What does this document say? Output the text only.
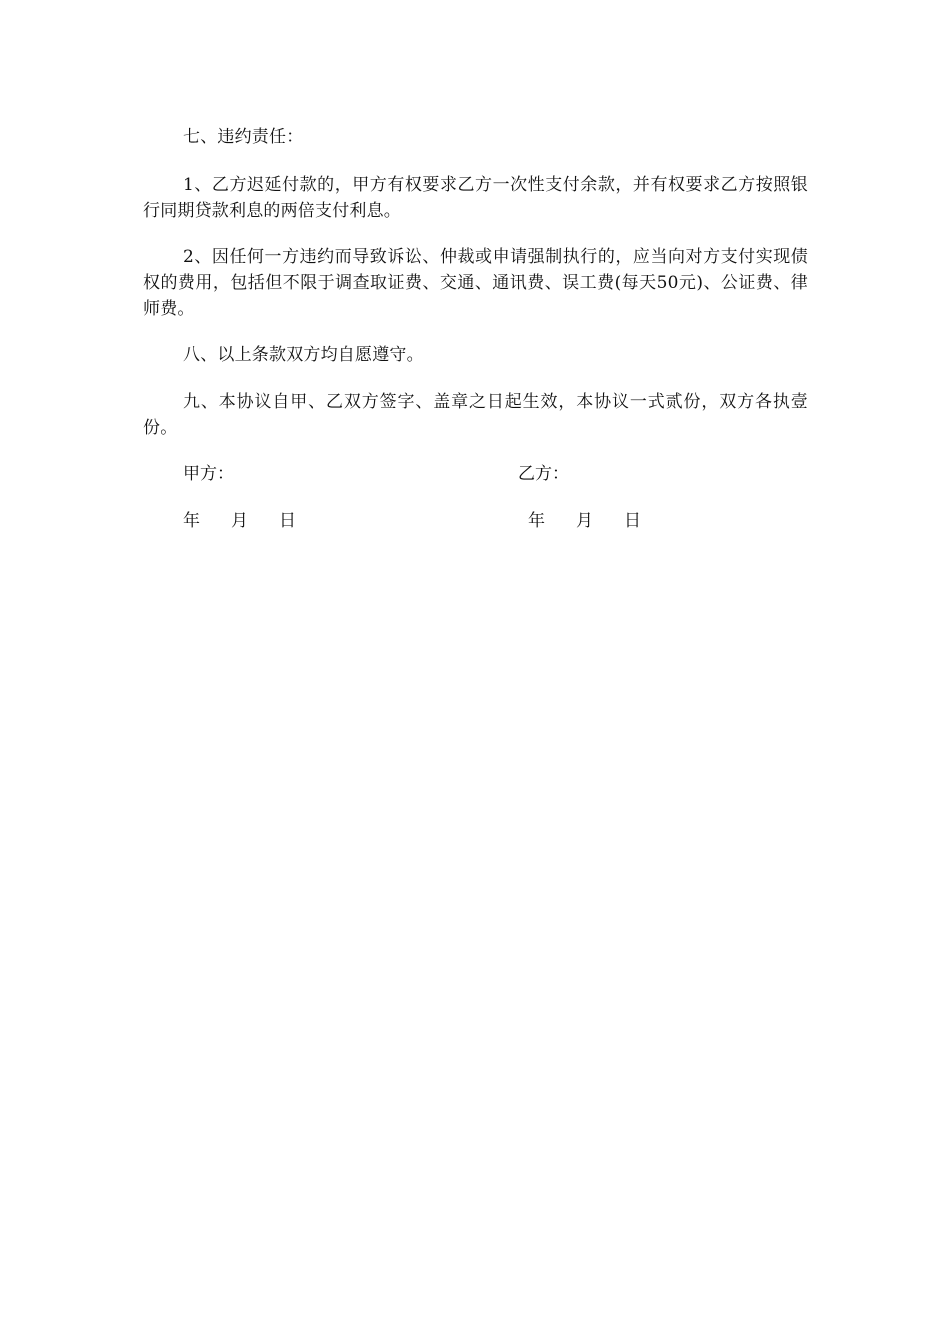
七、违约责任：

1、乙方迟延付款的，甲方有权要求乙方一次性支付余款，并有权要求乙方按照银行同期贷款利息的两倍支付利息。

2、因任何一方违约而导致诉讼、仲裁或申请强制执行的，应当向对方支付实现债权的费用，包括但不限于调查取证费、交通、通讯费、误工费(每天50元)、公证费、律师费。

八、以上条款双方均自愿遵守。

九、本协议自甲、乙双方签字、盖章之日起生效，本协议一式贰份，双方各执壹份。

甲方：	乙方：

年 月 日	年 月 日
